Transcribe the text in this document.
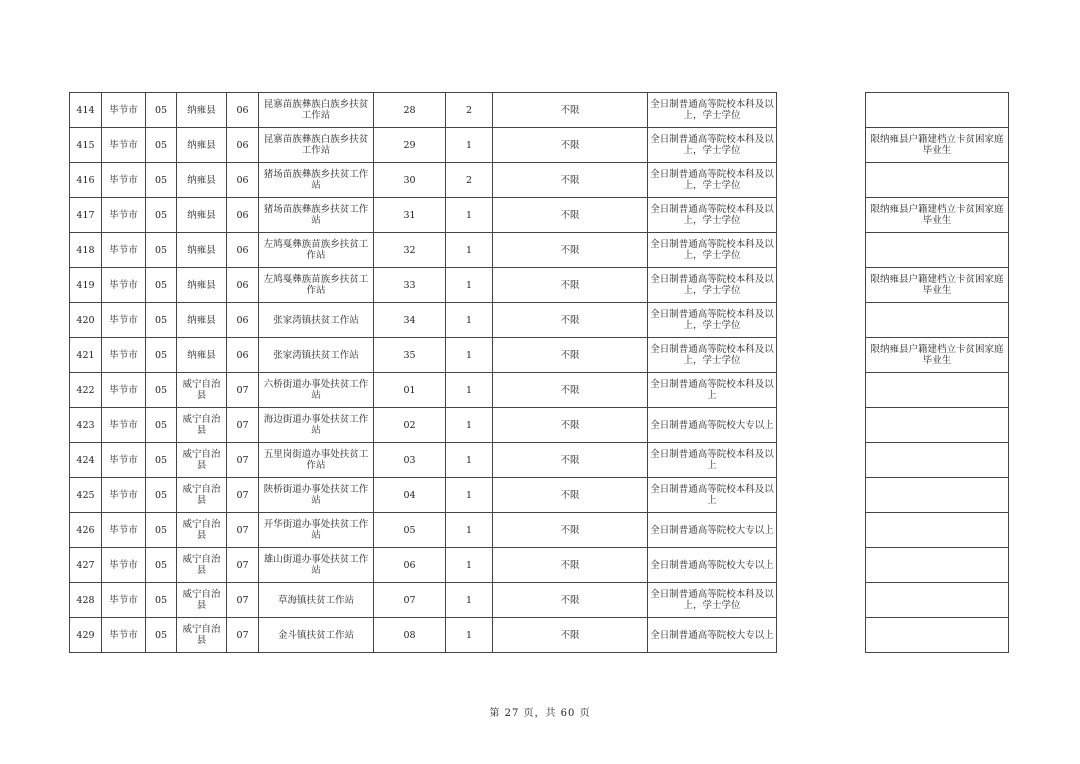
414	毕节市	05	纳雍县	06	昆寨苗族彝族白族乡扶贫工作站	28	2	不限	全日制普通高等院校本科及以上，学士学位		
415	毕节市	05	纳雍县	06	昆寨苗族彝族白族乡扶贫工作站	29	1	不限	全日制普通高等院校本科及以上，学士学位		限纳雍县户籍建档立卡贫困家庭毕业生
416	毕节市	05	纳雍县	06	猪场苗族彝族乡扶贫工作站	30	2	不限	全日制普通高等院校本科及以上，学士学位		
417	毕节市	05	纳雍县	06	猪场苗族彝族乡扶贫工作站	31	1	不限	全日制普通高等院校本科及以上，学士学位		限纳雍县户籍建档立卡贫困家庭毕业生
418	毕节市	05	纳雍县	06	左鸠戛彝族苗族乡扶贫工作站	32	1	不限	全日制普通高等院校本科及以上，学士学位		
419	毕节市	05	纳雍县	06	左鸠戛彝族苗族乡扶贫工作站	33	1	不限	全日制普通高等院校本科及以上，学士学位		限纳雍县户籍建档立卡贫困家庭毕业生
420	毕节市	05	纳雍县	06	张家湾镇扶贫工作站	34	1	不限	全日制普通高等院校本科及以上，学士学位		
421	毕节市	05	纳雍县	06	张家湾镇扶贫工作站	35	1	不限	全日制普通高等院校本科及以上，学士学位		限纳雍县户籍建档立卡贫困家庭毕业生
422	毕节市	05	威宁自治县	07	六桥街道办事处扶贫工作站	01	1	不限	全日制普通高等院校本科及以上		
423	毕节市	05	威宁自治县	07	海边街道办事处扶贫工作站	02	1	不限	全日制普通高等院校大专以上		
424	毕节市	05	威宁自治县	07	五里岗街道办事处扶贫工作站	03	1	不限	全日制普通高等院校本科及以上		
425	毕节市	05	威宁自治县	07	陕桥街道办事处扶贫工作站	04	1	不限	全日制普通高等院校本科及以上		
426	毕节市	05	威宁自治县	07	开华街道办事处扶贫工作站	05	1	不限	全日制普通高等院校大专以上		
427	毕节市	05	威宁自治县	07	雄山街道办事处扶贫工作站	06	1	不限	全日制普通高等院校大专以上		
428	毕节市	05	威宁自治县	07	草海镇扶贫工作站	07	1	不限	全日制普通高等院校本科及以上，学士学位		
429	毕节市	05	威宁自治县	07	金斗镇扶贫工作站	08	1	不限	全日制普通高等院校大专以上		
第 27 页，共 60 页
